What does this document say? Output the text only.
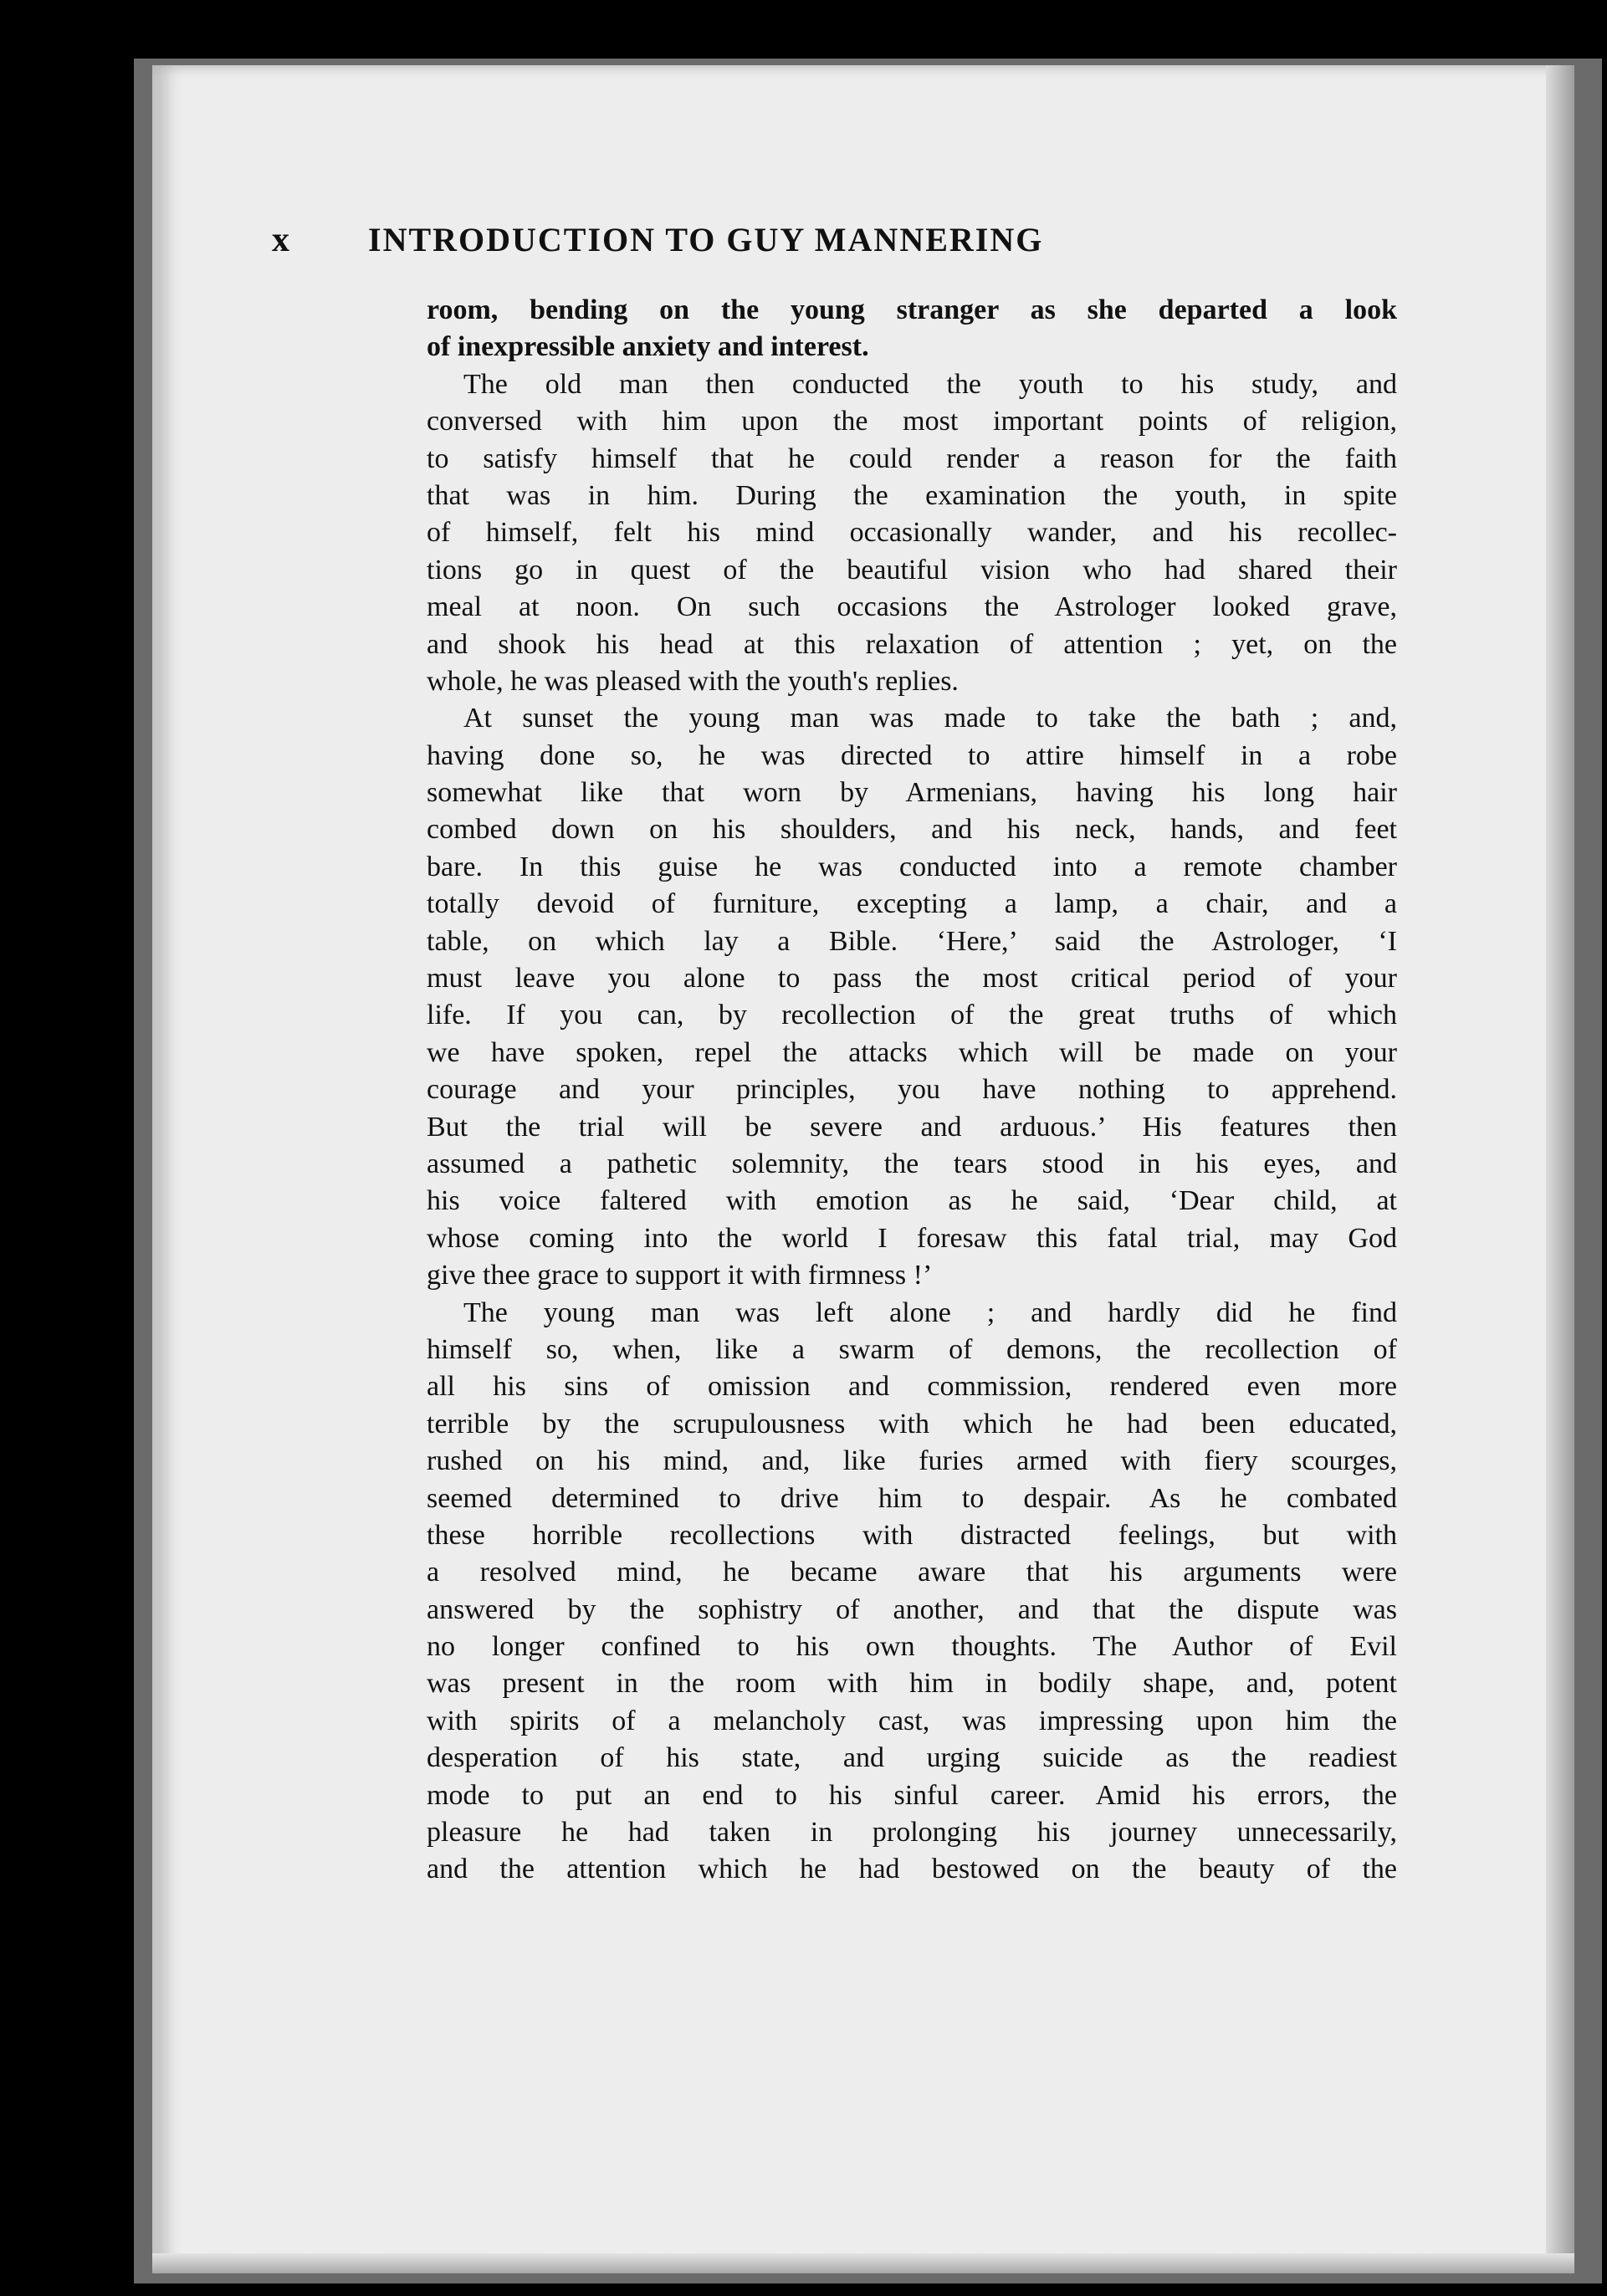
x INTRODUCTION TO GUY MANNERING
room, bending on the young stranger as she departed a look
of inexpressible anxiety and interest.
The old man then conducted the youth to his study, and
conversed with him upon the most important points of religion,
to satisfy himself that he could render a reason for the faith
that was in him. During the examination the youth, in spite
of himself, felt his mind occasionally wander, and his recollec-
tions go in quest of the beautiful vision who had shared their
meal at noon. On such occasions the Astrologer looked grave,
and shook his head at this relaxation of attention ; yet, on the
whole, he was pleased with the youth's replies.
At sunset the young man was made to take the bath ; and,
having done so, he was directed to attire himself in a robe
somewhat like that worn by Armenians, having his long hair
combed down on his shoulders, and his neck, hands, and feet
bare. In this guise he was conducted into a remote chamber
totally devoid of furniture, excepting a lamp, a chair, and a
table, on which lay a Bible. ‘Here,’ said the Astrologer, ‘I
must leave you alone to pass the most critical period of your
life. If you can, by recollection of the great truths of which
we have spoken, repel the attacks which will be made on your
courage and your principles, you have nothing to apprehend.
But the trial will be severe and arduous.’ His features then
assumed a pathetic solemnity, the tears stood in his eyes, and
his voice faltered with emotion as he said, ‘Dear child, at
whose coming into the world I foresaw this fatal trial, may God
give thee grace to support it with firmness !’
The young man was left alone ; and hardly did he find
himself so, when, like a swarm of demons, the recollection of
all his sins of omission and commission, rendered even more
terrible by the scrupulousness with which he had been educated,
rushed on his mind, and, like furies armed with fiery scourges,
seemed determined to drive him to despair. As he combated
these horrible recollections with distracted feelings, but with
a resolved mind, he became aware that his arguments were
answered by the sophistry of another, and that the dispute was
no longer confined to his own thoughts. The Author of Evil
was present in the room with him in bodily shape, and, potent
with spirits of a melancholy cast, was impressing upon him the
desperation of his state, and urging suicide as the readiest
mode to put an end to his sinful career. Amid his errors, the
pleasure he had taken in prolonging his journey unnecessarily,
and the attention which he had bestowed on the beauty of the
